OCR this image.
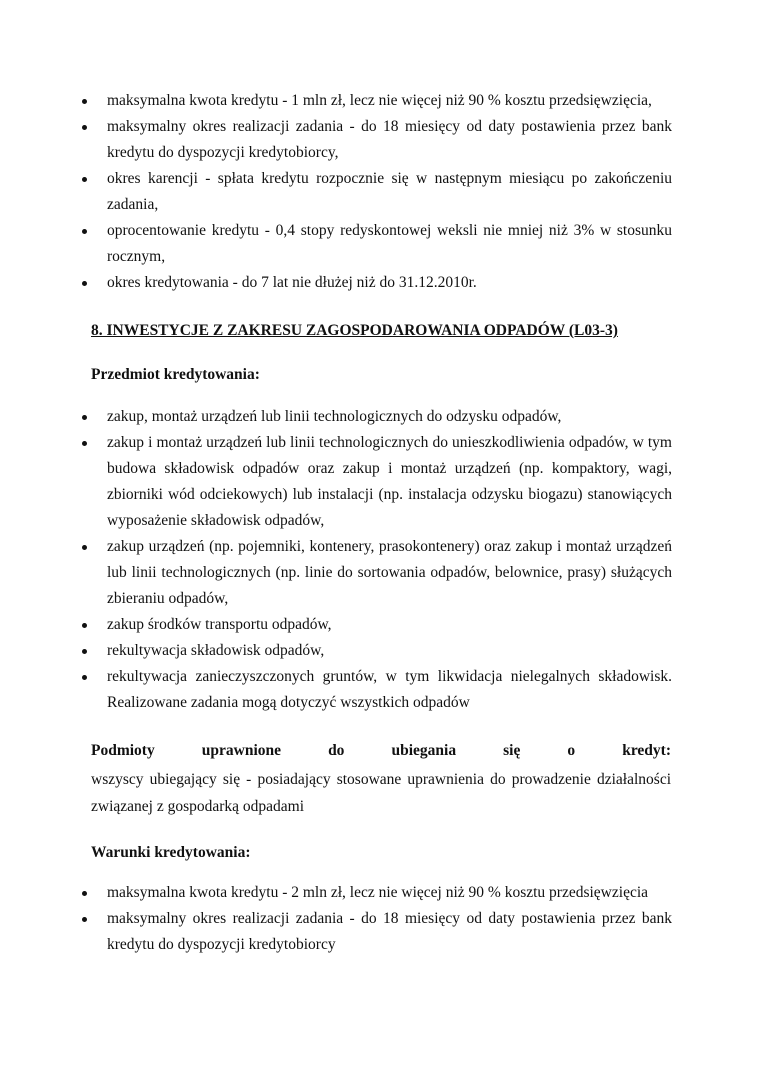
maksymalna kwota kredytu - 1 mln zł, lecz nie więcej niż 90 % kosztu przedsięwzięcia,
maksymalny okres realizacji zadania - do 18 miesięcy od daty postawienia przez bank kredytu do dyspozycji kredytobiorcy,
okres karencji - spłata kredytu rozpocznie się w następnym miesiącu po zakończeniu zadania,
oprocentowanie kredytu - 0,4 stopy redyskontowej weksli nie mniej niż 3% w stosunku rocznym,
okres kredytowania - do 7 lat nie dłużej niż do 31.12.2010r.
8. INWESTYCJE Z ZAKRESU ZAGOSPODAROWANIA ODPADÓW (L03-3)
Przedmiot kredytowania:
zakup, montaż urządzeń lub linii technologicznych do odzysku odpadów,
zakup i montaż urządzeń lub linii technologicznych do unieszkodliwienia odpadów, w tym budowa składowisk odpadów oraz zakup i montaż urządzeń (np. kompaktory, wagi, zbiorniki wód odciekowych) lub instalacji (np. instalacja odzysku biogazu) stanowiących wyposażenie składowisk odpadów,
zakup urządzeń (np. pojemniki, kontenery, prasokontenery) oraz zakup i montaż urządzeń lub linii technologicznych (np. linie do sortowania odpadów, belownice, prasy) służących zbieraniu odpadów,
zakup środków transportu odpadów,
rekultywacja składowisk odpadów,
rekultywacja zanieczyszczonych gruntów, w tym likwidacja nielegalnych składowisk. Realizowane zadania mogą dotyczyć wszystkich odpadów
Podmioty	uprawnione	do	ubiegania	się	o	kredyt:
wszyscy ubiegający się - posiadający stosowane uprawnienia do prowadzenie działalności związanej z gospodarką odpadami
Warunki kredytowania:
maksymalna kwota kredytu - 2 mln zł, lecz nie więcej niż 90 % kosztu przedsięwzięcia
maksymalny okres realizacji zadania - do 18 miesięcy od daty postawienia przez bank kredytu do dyspozycji kredytobiorcy
